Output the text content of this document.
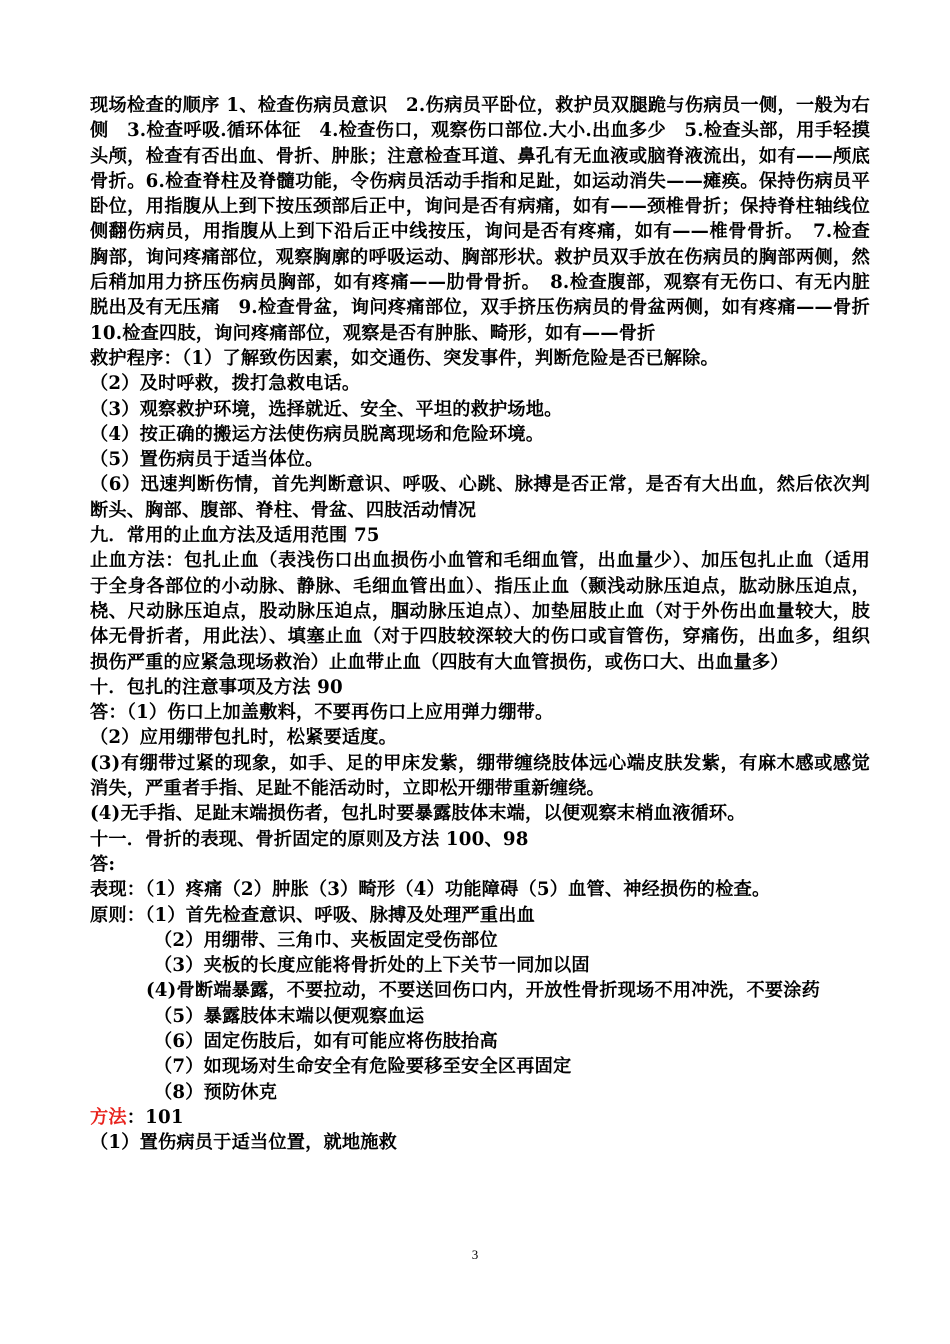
现场检查的顺序 1、检查伤病员意识　2.伤病员平卧位，救护员双腿跪与伤病员一侧，一般为右侧　3.检查呼吸.循环体征　4.检查伤口，观察伤口部位.大小.出血多少　5.检查头部，用手轻摸头颅，检查有否出血、骨折、肿胀；注意检查耳道、鼻孔有无血液或脑脊液流出，如有——颅底骨折。6.检查脊柱及脊髓功能，令伤病员活动手指和足趾，如运动消失——瘫痪。保持伤病员平卧位，用指腹从上到下按压颈部后正中，询问是否有病痛，如有——颈椎骨折；保持脊柱轴线位侧翻伤病员，用指腹从上到下沿后正中线按压，询问是否有疼痛，如有——椎骨骨折。　7.检查胸部，询问疼痛部位，观察胸廓的呼吸运动、胸部形状。救护员双手放在伤病员的胸部两侧，然后稍加用力挤压伤病员胸部，如有疼痛——肋骨骨折。　8.检查腹部，观察有无伤口、有无内脏脱出及有无压痛　9.检查骨盆，询问疼痛部位，双手挤压伤病员的骨盆两侧，如有疼痛——骨折　10.检查四肢，询问疼痛部位，观察是否有肿胀、畸形，如有——骨折

救护程序：（1）了解致伤因素，如交通伤、突发事件，判断危险是否已解除。

（2）及时呼救，拨打急救电话。

（3）观察救护环境，选择就近、安全、平坦的救护场地。

（4）按正确的搬运方法使伤病员脱离现场和危险环境。

（5）置伤病员于适当体位。

（6）迅速判断伤情，首先判断意识、呼吸、心跳、脉搏是否正常，是否有大出血，然后依次判断头、胸部、腹部、脊柱、骨盆、四肢活动情况

九．常用的止血方法及适用范围 75

止血方法：包扎止血（表浅伤口出血损伤小血管和毛细血管，出血量少）、加压包扎止血（适用于全身各部位的小动脉、静脉、毛细血管出血）、指压止血（颞浅动脉压迫点，肱动脉压迫点，桡、尺动脉压迫点，股动脉压迫点，腘动脉压迫点）、加垫屈肢止血（对于外伤出血量较大，肢体无骨折者，用此法）、填塞止血（对于四肢较深较大的伤口或盲管伤，穿痛伤，出血多，组织损伤严重的应紧急现场救治）止血带止血（四肢有大血管损伤，或伤口大、出血量多）

十．包扎的注意事项及方法 90

答：（1）伤口上加盖敷料，不要再伤口上应用弹力绷带。

（2）应用绷带包扎时，松紧要适度。

(3)有绷带过紧的现象，如手、足的甲床发紫，绷带缠绕肢体远心端皮肤发紫，有麻木感或感觉消失，严重者手指、足趾不能活动时，立即松开绷带重新缠绕。

(4)无手指、足趾末端损伤者，包扎时要暴露肢体末端，以便观察末梢血液循环。

十一．骨折的表现、骨折固定的原则及方法 100、98

答:

表现：（1）疼痛（2）肿胀（3）畸形（4）功能障碍（5）血管、神经损伤的检查。

原则：（1）首先检查意识、呼吸、脉搏及处理严重出血

（2）用绷带、三角巾、夹板固定受伤部位

（3）夹板的长度应能将骨折处的上下关节一同加以固

(4)骨断端暴露，不要拉动，不要送回伤口内，开放性骨折现场不用冲洗，不要涂药

（5）暴露肢体末端以便观察血运

（6）固定伤肢后，如有可能应将伤肢抬高

（7）如现场对生命安全有危险要移至安全区再固定

（8）预防休克

方法：101

（1）置伤病员于适当位置，就地施救

3
